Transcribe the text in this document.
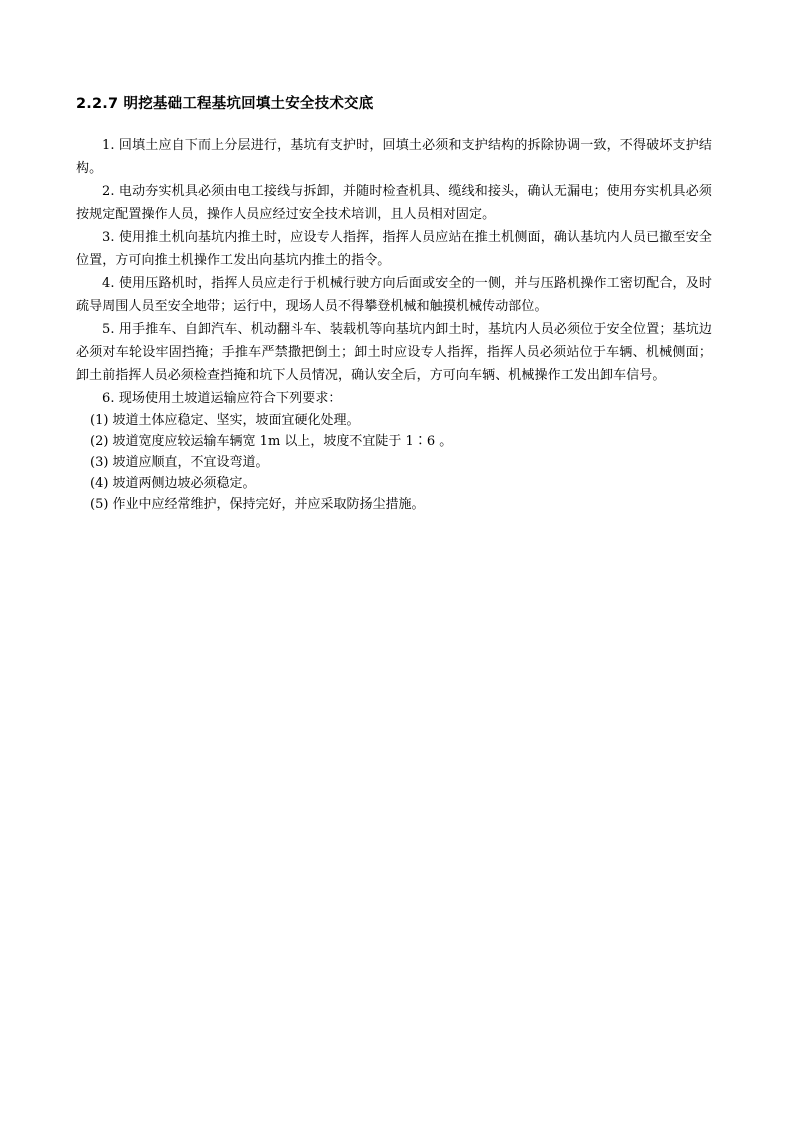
2.2.7 明挖基础工程基坑回填土安全技术交底

1. 回填土应自下而上分层进行，基坑有支护时，回填土必须和支护结构的拆除协调一致，不得破坏支护结构。

2. 电动夯实机具必须由电工接线与拆卸，并随时检查机具、缆线和接头，确认无漏电；使用夯实机具必须按规定配置操作人员，操作人员应经过安全技术培训，且人员相对固定。

3. 使用推土机向基坑内推土时，应设专人指挥，指挥人员应站在推土机侧面，确认基坑内人员已撤至安全位置，方可向推土机操作工发出向基坑内推土的指令。

4. 使用压路机时，指挥人员应走行于机械行驶方向后面或安全的一侧，并与压路机操作工密切配合，及时疏导周围人员至安全地带；运行中，现场人员不得攀登机械和触摸机械传动部位。

5. 用手推车、自卸汽车、机动翻斗车、装载机等向基坑内卸土时，基坑内人员必须位于安全位置；基坑边必须对车轮设牢固挡掩；手推车严禁撒把倒土；卸土时应设专人指挥，指挥人员必须站位于车辆、机械侧面；卸土前指挥人员必须检查挡掩和坑下人员情况，确认安全后，方可向车辆、机械操作工发出卸车信号。

6. 现场使用土坡道运输应符合下列要求：

(1) 坡道土体应稳定、坚实，坡面宜硬化处理。

(2) 坡道宽度应较运输车辆宽 1m 以上，坡度不宜陡于 1∶6 。

(3) 坡道应顺直，不宜设弯道。

(4) 坡道两侧边坡必须稳定。

(5) 作业中应经常维护，保持完好，并应采取防扬尘措施。
